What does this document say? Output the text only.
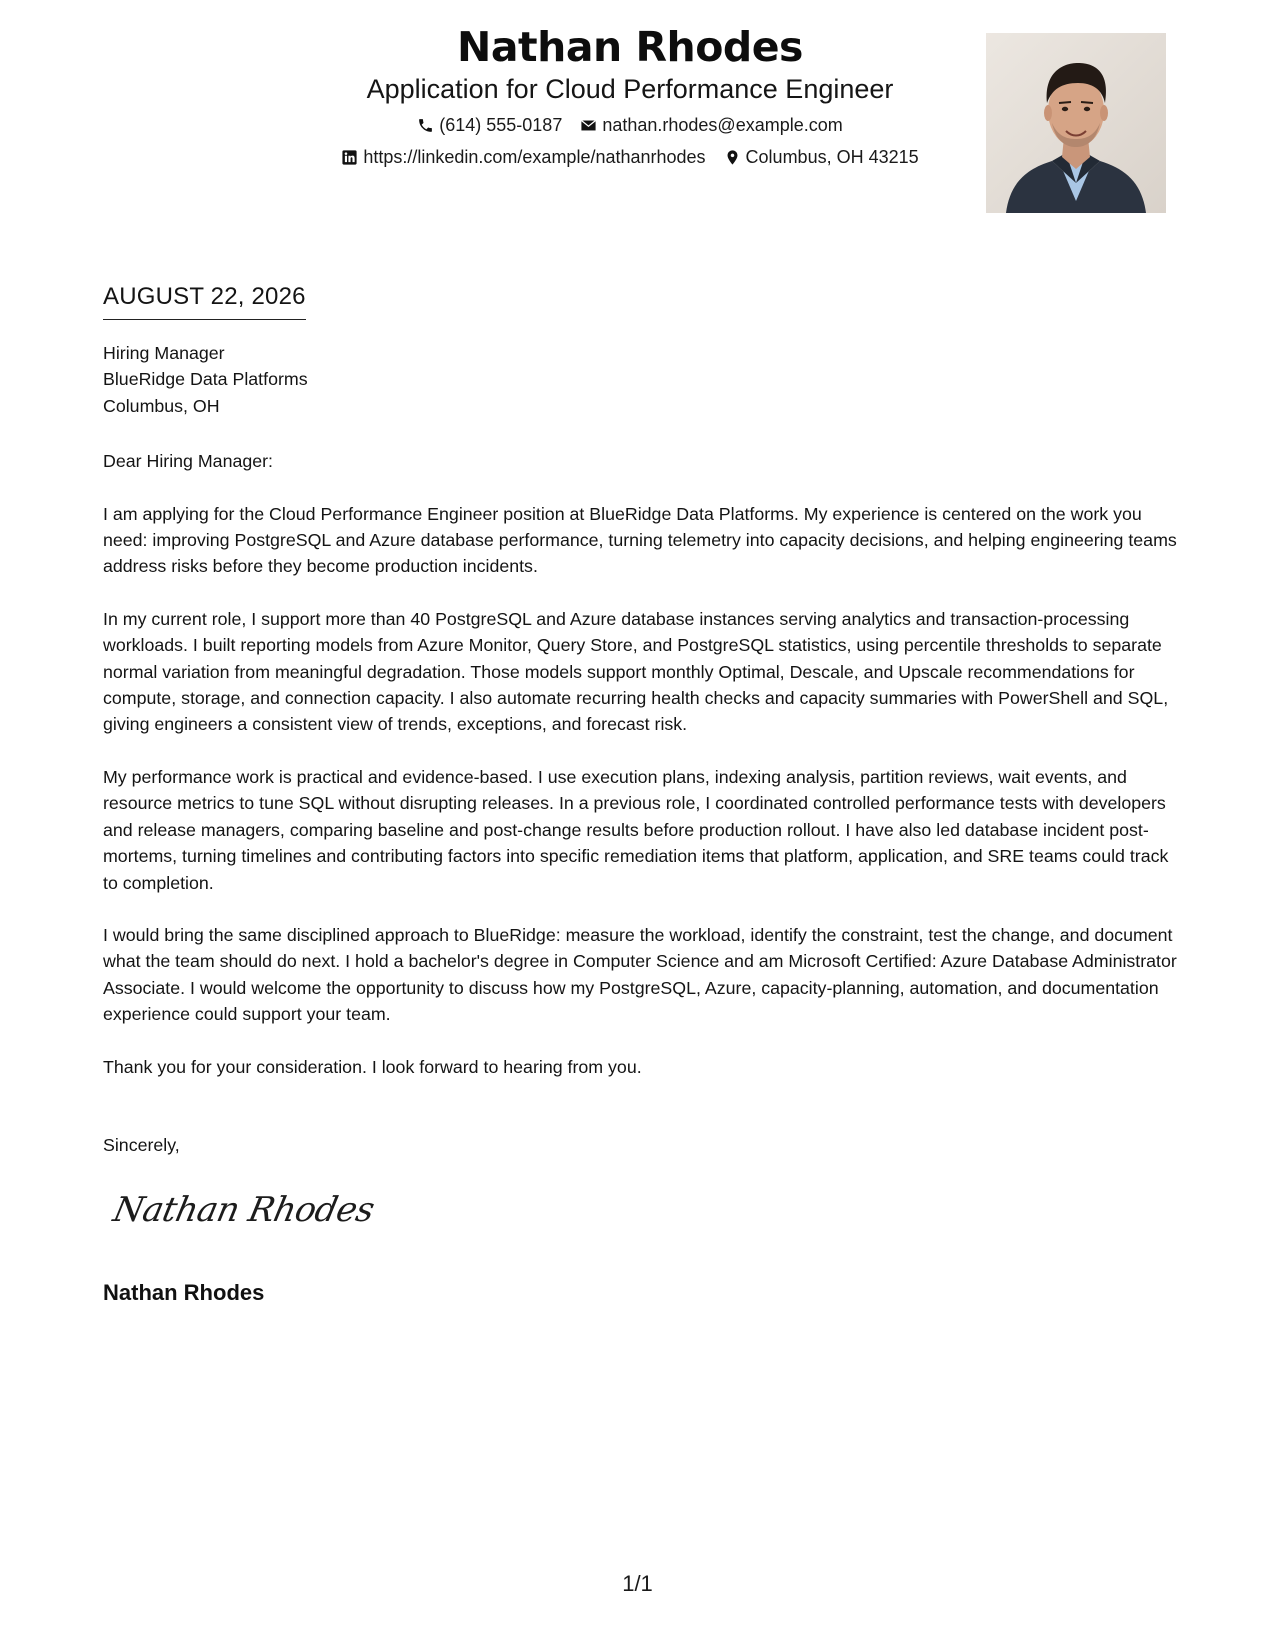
Nathan Rhodes
Application for Cloud Performance Engineer
(614) 555-0187 nathan.rhodes@example.com
https://linkedin.com/example/nathanrhodes Columbus, OH 43215
AUGUST 22, 2026
Hiring Manager
BlueRidge Data Platforms
Columbus, OH
Dear Hiring Manager:
I am applying for the Cloud Performance Engineer position at BlueRidge Data Platforms. My experience is centered on the work you need: improving PostgreSQL and Azure database performance, turning telemetry into capacity decisions, and helping engineering teams address risks before they become production incidents.
In my current role, I support more than 40 PostgreSQL and Azure database instances serving analytics and transaction-processing workloads. I built reporting models from Azure Monitor, Query Store, and PostgreSQL statistics, using percentile thresholds to separate normal variation from meaningful degradation. Those models support monthly Optimal, Descale, and Upscale recommendations for compute, storage, and connection capacity. I also automate recurring health checks and capacity summaries with PowerShell and SQL, giving engineers a consistent view of trends, exceptions, and forecast risk.
My performance work is practical and evidence-based. I use execution plans, indexing analysis, partition reviews, wait events, and resource metrics to tune SQL without disrupting releases. In a previous role, I coordinated controlled performance tests with developers and release managers, comparing baseline and post-change results before production rollout. I have also led database incident post-mortems, turning timelines and contributing factors into specific remediation items that platform, application, and SRE teams could track to completion.
I would bring the same disciplined approach to BlueRidge: measure the workload, identify the constraint, test the change, and document what the team should do next. I hold a bachelor's degree in Computer Science and am Microsoft Certified: Azure Database Administrator Associate. I would welcome the opportunity to discuss how my PostgreSQL, Azure, capacity-planning, automation, and documentation experience could support your team.
Thank you for your consideration. I look forward to hearing from you.
Sincerely,
Nathan Rhodes
Nathan Rhodes
1/1
